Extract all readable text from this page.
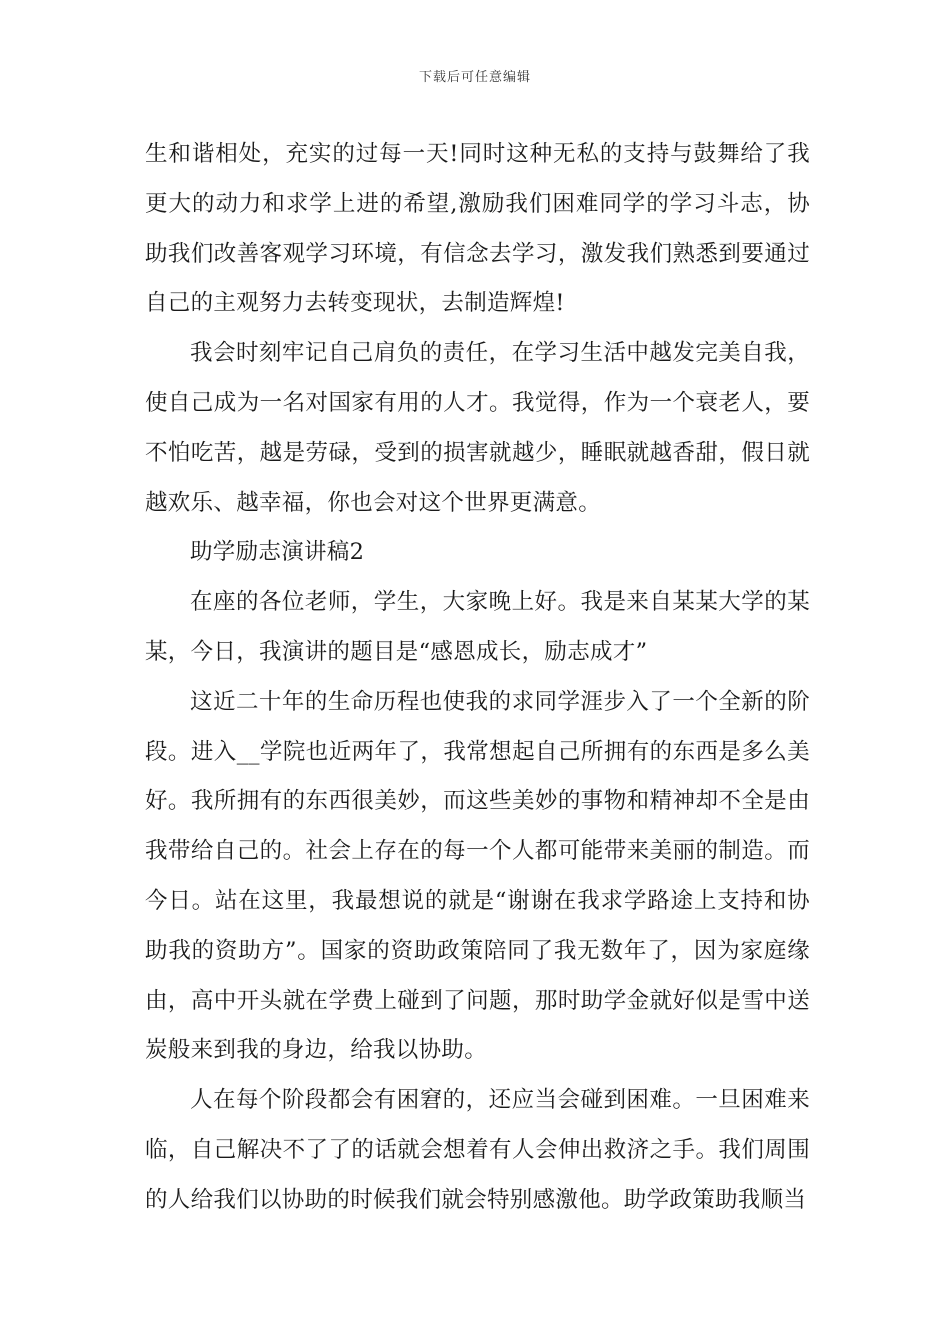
下载后可任意编辑

生和谐相处，充实的过每一天!同时这种无私的支持与鼓舞给了我更大的动力和求学上进的希望,激励我们困难同学的学习斗志，协助我们改善客观学习环境，有信念去学习，激发我们熟悉到要通过自己的主观努力去转变现状，去制造辉煌!

我会时刻牢记自己肩负的责任，在学习生活中越发完美自我，使自己成为一名对国家有用的人才。我觉得，作为一个衰老人，要不怕吃苦，越是劳碌，受到的损害就越少，睡眠就越香甜，假日就越欢乐、越幸福，你也会对这个世界更满意。

助学励志演讲稿2

在座的各位老师，学生，大家晚上好。我是来自某某大学的某某，今日，我演讲的题目是“感恩成长，励志成才”

这近二十年的生命历程也使我的求同学涯步入了一个全新的阶段。进入__学院也近两年了，我常想起自己所拥有的东西是多么美好。我所拥有的东西很美妙，而这些美妙的事物和精神却不全是由我带给自己的。社会上存在的每一个人都可能带来美丽的制造。而今日。站在这里，我最想说的就是“谢谢在我求学路途上支持和协助我的资助方”。国家的资助政策陪同了我无数年了，因为家庭缘由，高中开头就在学费上碰到了问题，那时助学金就好似是雪中送炭般来到我的身边，给我以协助。

人在每个阶段都会有困窘的，还应当会碰到困难。一旦困难来临，自己解决不了了的话就会想着有人会伸出救济之手。我们周围的人给我们以协助的时候我们就会特别感激他。助学政策助我顺当
